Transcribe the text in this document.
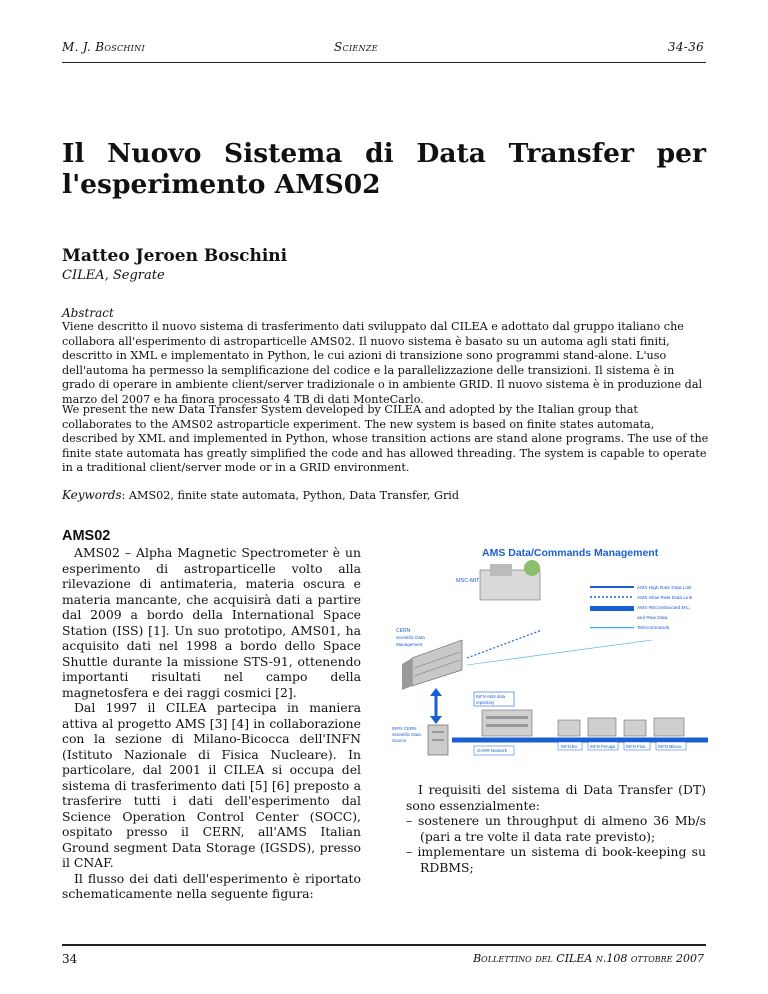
M. J. Boschini	Scienze	34-36
Il Nuovo Sistema di Data Transfer per
l'esperimento AMS02
Matteo Jeroen Boschini
CILEA, Segrate
Abstract
Viene descritto il nuovo sistema di trasferimento dati sviluppato dal CILEA e adottato dal gruppo italiano che collabora all'esperimento di astroparticelle AMS02. Il nuovo sistema è basato su un automa agli stati finiti, descritto in XML e implementato in Python, le cui azioni di transizione sono programmi stand-alone. L'uso dell'automa ha permesso la semplificazione del codice e la parallelizzazione delle transizioni. Il sistema è in grado di operare in ambiente client/server tradizionale o in ambiente GRID. Il nuovo sistema è in produzione dal marzo del 2007 e ha finora processato 4 TB di dati MonteCarlo.
We present the new Data Transfer System developed by CILEA and adopted by the Italian group that collaborates to the AMS02 astroparticle experiment. The new system is based on finite states automata, described by XML and implemented in Python, whose transition actions are stand alone programs. The use of the finite state automata has greatly simplified the code and has allowed threading. The system is capable to operate in a traditional client/server mode or in a GRID environment.
Keywords: AMS02, finite state automata, Python, Data Transfer, Grid
AMS02

AMS02 – Alpha Magnetic Spectrometer è un esperimento di astroparticelle volto alla rilevazione di antimateria, materia oscura e materia mancante, che acquisirà dati a partire dal 2009 a bordo della International Space Station (ISS) [1]. Un suo prototipo, AMS01, ha acquisito dati nel 1998 a bordo dello Space Shuttle durante la missione STS-91, ottenendo importanti risultati nel campo della magnetosfera e dei raggi cosmici [2].

Dal 1997 il CILEA partecipa in maniera attiva al progetto AMS [3] [4] in collaborazione con la sezione di Milano-Bicocca dell'INFN (Istituto Nazionale di Fisica Nucleare). In particolare, dal 2001 il CILEA si occupa del sistema di trasferimento dati [5] [6] preposto a trasferire tutti i dati dell'esperimento dal Science Operation Control Center (SOCC), ospitato presso il CERN, all'AMS Italian Ground segment Data Storage (IGSDS), presso il CNAF.

Il flusso dei dati dell'esperimento è riportato schematicamente nella seguente figura:

AMS Data/Commands Management
MSC-MIT
AMS High Rate Data Link
AMS Slow Rate Data Link
AMS REconstructed,MC,
and Raw Data
Telecommands
CERN
Scientific Data
Management
INFN CERN
Scientific Data
Source
INFN AMS data
repository
INFN Bo	INFN Perugia	INFN Pisa	INFN Milano
GARR Network

I requisiti del sistema di Data Transfer (DT) sono essenzialmente:

– sostenere un throughput di almeno 36 Mb/s (pari a tre volte il data rate previsto);

– implementare un sistema di book-keeping su RDBMS;

34	Bollettino del CILEA n.108 ottobre 2007
